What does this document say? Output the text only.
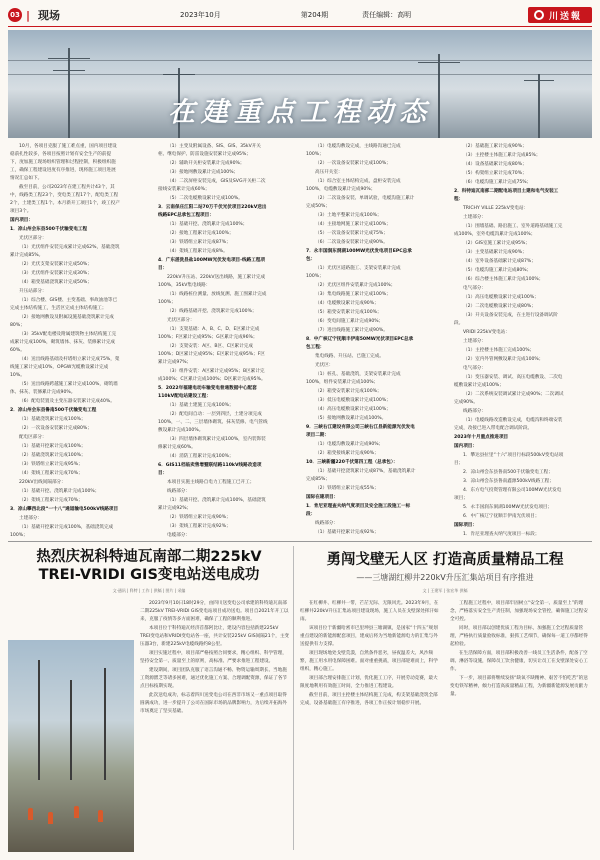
03 | 现场	2023年10月	第204期	责任编辑：高明	川送報
在建重点工程动态

10月，各项目克服了施工难点重，国内项目建设稳前扎性较多，各项目按照计划有安全生产的前提下，度加施工现场组织管理和过程控制，积极组织施工，确保工程建设进度有序推进，现将施工项目进展情况汇总如下。

截至目前，公司2023年在建工程共计43个，其中，线路类工程23个，变电类工程17个，配电类工程2个，土建类工程1个。本月新开工项目1个，竣工投产项目3个。

国内项目：

1．凉山州会东县500千伏输变电工程

光伏区部分：

（1）光伏组件安装完成累计完成62%，基础浇筑累计完成85%。

（2）光伏支架安装累计完成50%；

（3）光伏组件安装累计完成30%；

（4）箱变基础浇筑累计完成50%；

升压站部分：

（1）综合楼、GIS楼、主变基础、事故油池等已完成主体结构施工，生活区完成主体结构施工；

（2）接地网敷设及附属设施基础浇筑累计完成80%；

（3）35kV配电楼及附属建筑物主体结构施工完成累计完成100%，砌筑墙体、抹灰、装修累计完成60%。

（4）送出线路基础及杆塔组立累计完成75%，架线施工累计完成10%，OPGW光缆敷设累计完成10%。

（5）送出线路跨越施工累计完成100%，砌筑墙体、抹灰、装修累计完成90%。

（6）配电装置及主变压器安装累计完成40%。

2．凉山州会东县鲁南500千伏输变电工程

（1）基础浇筑累计完成100%；

（2）一次设备安装累计完成80%；

配电区部分：

（1）基础开挖累计完成100%；

（2）基础浇筑累计完成100%；

（3）铁塔组立累计完成95%；

（4）架线工程累计完成70%；

220kV出线间隔部分：

（1）基础开挖、浇筑累计完成100%；

（2）架线工程累计完成70%；

3．凉山攀西北段“一十八”通道输电500kV线路项目

土建部分：

（1）基础开挖累计完成100%，基础浇筑完成100%；

（1）主变及附属设备、SIS、GIS、35kV开关柜、继电保护、防雷设施安装累计完成95%；

（2）辅助开关柜安装累计完成90%；

（3）接地网敷设累计完成100%；

（4）二次屏柜安装完成，GIS及SVG开关柜二次接线安装累计完成60%；

（5）二次电缆敷设累计完成100%。

3．云南保庄江阳二站70万千伏光伏项目220kV送出线路EPC总承包工程项目：

（1）基础开挖、浇筑累计完成100%；

（2）接地工程累计完成100%；

（3）铁塔组立累计完成87%；

（4）架线工程累计完成8%。

4．广东湛洗县盐100MW光伏发电项目-线路工程项目：

220kV升压站、220kV送出线路，施工累计完成100%，35kV集电线路：

（1）线路桩位测量、放线复测、施工图累计完成100%；

（2）线路基础开挖、浇筑累计完成100%；

光伏区部分：

（1）支架基础：A、B、C、D、E区累计完成100%；F区累计完成95%；G区累计完成96%；

（2）支架安装：A区、B区、C区累计完成100%；D区累计完成95%；E区累计完成95%；F区累计完成97%；

（3）组件安装：A区累计完成95%；B区累计完成100%；C区累计完成100%；D区累计完成95%。

5．2022年福建电动车输变电普通数据中心配套110kV配电站建设工程：

（1）基础土建施工完成100%；

（2）配电间自动：一层到四层，土建分项完成100%，一、二、三层墙体砌筑、抹灰装修、电气管线敷设累计完成100%。

（3）四层墙体砌筑累计完成100%，室内装饰装修累计完成60%。

（4）消防工程累计完成100%；

6．GIS11档临卖售增暨联结路110kV线路改造项目：

本项目实施主线路自电力工程施工已开工；

线路部分：

（1）基础开挖、浇筑累计完成100%，基础浇筑累计完成92%；

（2）铁塔组立累计完成90%；

（3）架线工程累计完成92%；

电缆部分：

（1）电缆沟敷设完成，主线路沟通已完成100%；

（2）一次设备安装累计完成100%；

高压开关室：

（1）综合室主体结构完成，盘柜安装完成100%，电缆敷设累计完成90%；

（2）二次设备安装、单调试验，电缆沟施工累计完成50%；

（3）土地平整累计完成100%；

（4）主接地网施工累计完成100%；

（5）一次设备安装累计完成75%；

（6）二次设备安装累计完成90%。

7．永丰国润东洞湖100MW光伏发电项目EPC总承包：

（1）光伏区道路施工、支架安装累计完成100%；

（2）光伏区组件安装累计完成100%；

（3）集电线路施工累计完成100%；

（4）电缆敷设累计完成90%；

（5）箱变安装累计完成100%；

（6）变电间施工累计完成90%；

（7）进出线路施工累计完成90%。

8．中广核辽宁抚顺丰伊南50MW光伏项目EPC总承包工程：

集电线路、升压站、已施工完成。

光伏区：

（1）桩孔、基础浇筑，支架安装累计完成100%，组件安装累计完成100%；

（2）箱变安装累计完成100%；

（3）低压电缆敷设累计完成100%；

（4）高压电缆敷设累计完成100%；

（5）接地网敷设累计完成100%。

9．三峡右江建设有限公司三峡右江县新能源光伏发电项目二期：

（1）电缆沟敷设累计完成90%；

（2）箱变接线累计完成90%；

10．三峡新疆220千伏第四工程（总承包）：

（1）基础开挖浇筑累计完成87%，基础浇筑累计完成85%；

（2）铁塔组立累计完成55%；

国际在建项目：

1．肯尼亚理查夫纳气度项目及安全施工段施工一标段：

线路部分：

（1）基础开挖累计完成92%；

（2）基础施工累计完成90%；

（3）主控楼主体施工累计完成85%；

（4）设备基础累计完成80%；

（5）构架组立累计完成70%；

（6）电缆沟施工累计完成75%；

2．科特迪瓦南部二期配电站项目土建和电气安装工程：

TRICHY VILLE 225kV变电站：

土建部分：

（1）围墙基础、路沿施工、室外道路基础施工完成100%，室外电缆沟累计完成100%；

（2）GIS室施工累计完成95%；

（3）主变基础累计完成90%；

（4）室外设备基础累计完成87%；

（5）电缆沟施工累计完成80%；

（6）综合楼主体施工累计完成100%；

电气部分：

（1）高压电缆敷设累计完成100%；

（2）二次电缆敷设累计完成80%；

（3）开关设备安装完成，在主进行设备调试阶段。

VRIDI 225kV变电站：

土建部分：

（1）主控楼主体施工完成100%；

（2）室内外管网敷设累计完成100%；

电气部分：

（1）变压器安装、调试、高压电缆敷设、二次电缆敷设累计完成100%；

（2）二次系统安装调试累计完成90%；二次调试完成90%。

线路部分：

（1）电缆线路改造敷设完成，电缆沟和终端安装完成，改接已进入带电配合调试阶段。

2023年十月重点推进项目

国内项目：

1．攀达县拉里“十六”项目行标段500kV变电站项目；

2．凉山州会东县鲁南500千伏输变电工程；

3．凉山州会东县鲁南鑫源500kV线路工程；

4．东方电气投资管理有限公司100MW光伏发电项目；

5．永丰国润东洞湖100MW光伏发电项目；

6．中广核辽宁抚顺丰伊南光伏项目；

国际项目：

1．肯尼亚理查夫纳气度项目一标段；

热烈庆祝科特迪瓦南部二期225kV
TREI-VRIDI GIS变电站送电成功
文·通讯 | 科特 | 工作 | 供稿 | 图片 | 采编

2023年9月10日18时29分，由四川送变电公司承建的科特迪瓦南部二期225kV TREI-VRIDI GIS变电站项目成功送电。项目自2021年开工以来，克服了疫情等多方面困难，确保了工程的顺利推进。

本项目位于科特迪瓦经济首都阿比让，建设内容包括新建225kV TREI变电站和VRIDI变电站各一座，共计安装225kV GIS间隔21个，主变压器3台，新建225kV电缆线路约8公里。

项目实施过程中，项目部严格按照合同要求，精心组织、科学管理，坚持安全第一、质量至上的原则，高标准、严要求推进工程建设。

建设期间，项目团队克服了语言沟通不畅、物资运输周期长、当地施工资源匮乏等诸多困难，通过优化施工方案、合理调配资源，保证了各节点目标按期实现。

此次送电成功，标志着四川送变电公司在西非市场又一重点项目取得圆满成功，进一步提升了公司在国际市场的品牌影响力，为后续开拓海外市场奠定了坚实基础。

勇闯戈壁无人区 打造高质量精品工程
——三塘湖红柳井220kV升压汇集站项目有序推进
文 | 王建军 | 张宏华 供稿

在红柳井、红柳井一带，芒茫无际、无限风光。2023年9月，在红柳井220kV升压汇集站项目建设现场，施工人员在戈壁深处挥汗如雨。

该项目位于新疆哈密市巴里坤县三塘湖镇，是国家“十四五”规划重点建设的新能源配套项目，建成后将为当地新能源电力的汇集与外送提供有力支撑。

项目现场地处戈壁荒漠，自然条件恶劣，昼夜温差大、风沙频繁，施工用水用电保障困难。面对重重挑战，项目部迎难而上，科学组织，精心施工。

项目部合理安排施工计划，优化施工工序，开展劳动竞赛，最大限度地利用有效施工时间，全力推进工程建设。

截至目前，项目主控楼主体结构施工完成，构支架基础浇筑全部完成，设备基础施工有序推进，各项工作正按计划稳步开展。

工程施工过程中，项目部牢固树立“安全第一、质量至上”的理念，严格落实安全生产责任制，加强现场安全管控，确保施工过程安全可控。

同时，项目部以创建优质工程为目标，加强施工全过程质量管理，严格执行质量验收标准，狠抓工艺细节，确保每一道工序都经得起检验。

在生活保障方面，项目部积极改善一线员工生活条件，配备了空调、淋浴等设施，保障员工饮食健康，切实让员工在戈壁深处安心工作。

下一步，项目部将继续发扬“缺氧不缺精神、艰苦不怕吃苦”的送变电铁军精神，倾力打造高质量精品工程，为新疆新能源发展贡献力量。
